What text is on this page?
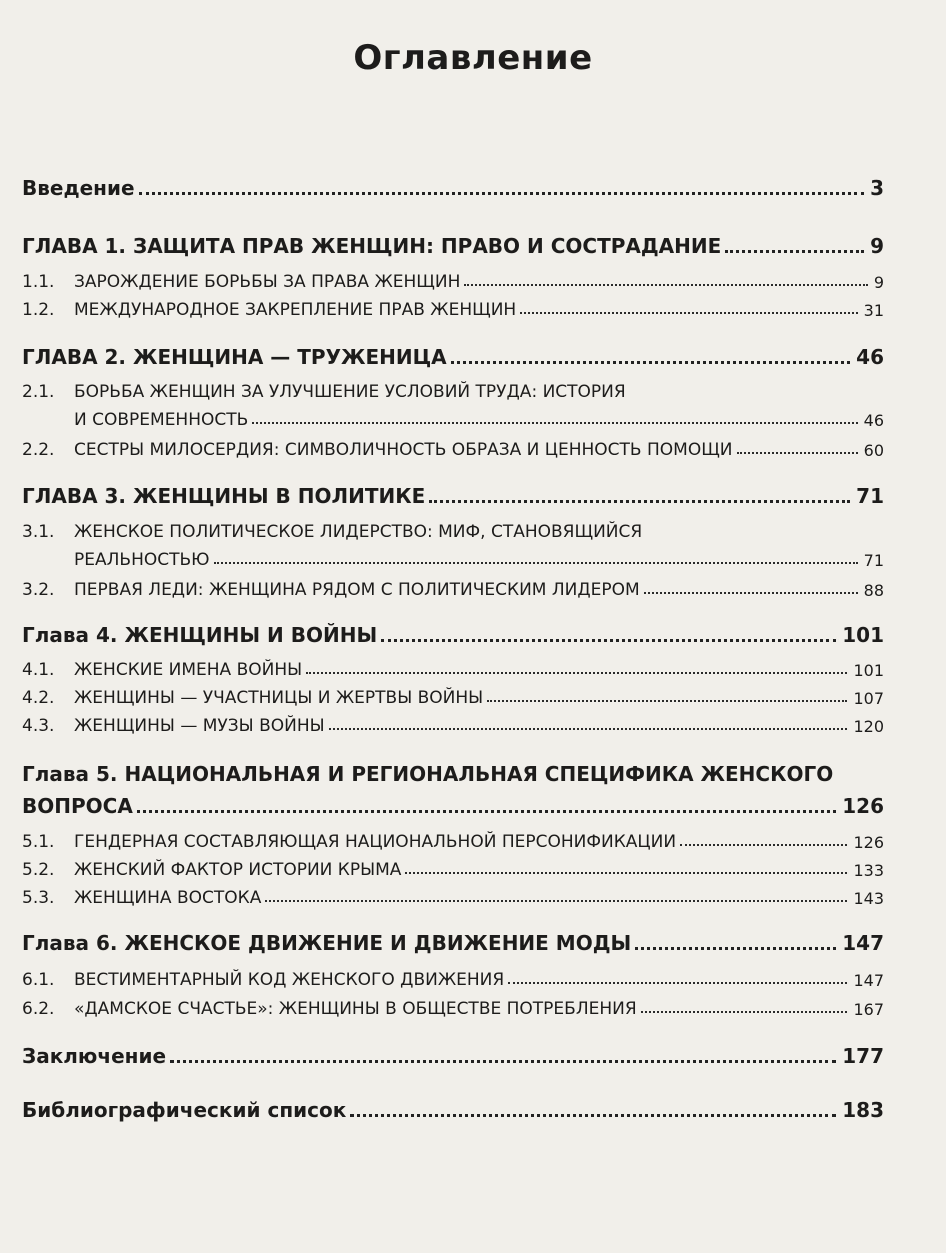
Оглавление
Введение	3
ГЛАВА 1. ЗАЩИТА ПРАВ ЖЕНЩИН: ПРАВО И СОСТРАДАНИЕ	9
1.1. ЗАРОЖДЕНИЕ БОРЬБЫ ЗА ПРАВА ЖЕНЩИН	9
1.2. МЕЖДУНАРОДНОЕ ЗАКРЕПЛЕНИЕ ПРАВ ЖЕНЩИН	31
ГЛАВА 2. ЖЕНЩИНА — ТРУЖЕНИЦА	46
2.1. БОРЬБА ЖЕНЩИН ЗА УЛУЧШЕНИЕ УСЛОВИЙ ТРУДА: ИСТОРИЯ
И СОВРЕМЕННОСТЬ	46
2.2. СЕСТРЫ МИЛОСЕРДИЯ: СИМВОЛИЧНОСТЬ ОБРАЗА И ЦЕННОСТЬ ПОМОЩИ	60
ГЛАВА 3. ЖЕНЩИНЫ В ПОЛИТИКЕ	71
3.1. ЖЕНСКОЕ ПОЛИТИЧЕСКОЕ ЛИДЕРСТВО: МИФ, СТАНОВЯЩИЙСЯ
РЕАЛЬНОСТЬЮ	71
3.2. ПЕРВАЯ ЛЕДИ: ЖЕНЩИНА РЯДОМ С ПОЛИТИЧЕСКИМ ЛИДЕРОМ	88
Глава 4. ЖЕНЩИНЫ И ВОЙНЫ	101
4.1. ЖЕНСКИЕ ИМЕНА ВОЙНЫ	101
4.2. ЖЕНЩИНЫ — УЧАСТНИЦЫ И ЖЕРТВЫ ВОЙНЫ	107
4.3. ЖЕНЩИНЫ — МУЗЫ ВОЙНЫ	120
Глава 5. НАЦИОНАЛЬНАЯ И РЕГИОНАЛЬНАЯ СПЕЦИФИКА ЖЕНСКОГО
ВОПРОСА	126
5.1. ГЕНДЕРНАЯ СОСТАВЛЯЮЩАЯ НАЦИОНАЛЬНОЙ ПЕРСОНИФИКАЦИИ	126
5.2. ЖЕНСКИЙ ФАКТОР ИСТОРИИ КРЫМА	133
5.3. ЖЕНЩИНА ВОСТОКА	143
Глава 6. ЖЕНСКОЕ ДВИЖЕНИЕ И ДВИЖЕНИЕ МОДЫ	147
6.1. ВЕСТИМЕНТАРНЫЙ КОД ЖЕНСКОГО ДВИЖЕНИЯ	147
6.2. «ДАМСКОЕ СЧАСТЬЕ»: ЖЕНЩИНЫ В ОБЩЕСТВЕ ПОТРЕБЛЕНИЯ	167
Заключение	177
Библиографический список	183
